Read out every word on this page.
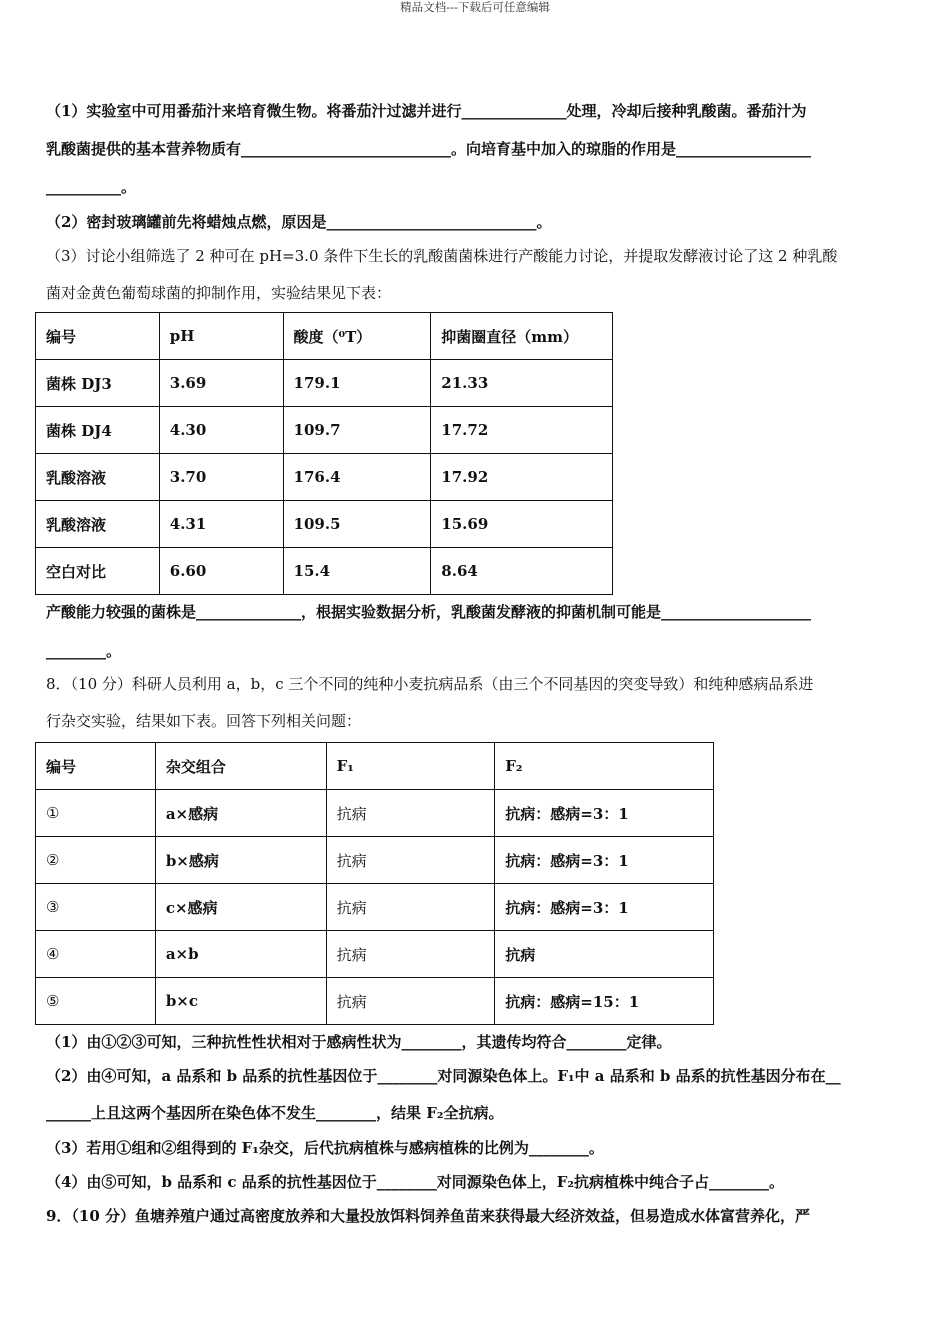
精品文档---下载后可任意编辑
（1）实验室中可用番茄汁来培育微生物。将番茄汁过滤并进行______________处理，冷却后接种乳酸菌。番茄汁为
乳酸菌提供的基本营养物质有____________________________。向培育基中加入的琼脂的作用是__________________
__________。
（2）密封玻璃罐前先将蜡烛点燃，原因是____________________________。
（3）讨论小组筛选了 2 种可在 pH=3.0 条件下生长的乳酸菌菌株进行产酸能力讨论，并提取发酵液讨论了这 2 种乳酸
菌对金黄色葡萄球菌的抑制作用，实验结果见下表：
编号	pH	酸度（⁰T）	抑菌圈直径（mm）
菌株 DJ3	3.69	179.1	21.33
菌株 DJ4	4.30	109.7	17.72
乳酸溶液	3.70	176.4	17.92
乳酸溶液	4.31	109.5	15.69
空白对比	6.60	15.4	8.64
产酸能力较强的菌株是______________，根据实验数据分析，乳酸菌发酵液的抑菌机制可能是____________________
________。
8．（10 分）科研人员利用 a，b，c 三个不同的纯种小麦抗病品系（由三个不同基因的突变导致）和纯种感病品系进
行杂交实验，结果如下表。回答下列相关问题：
编号	杂交组合	F₁	F₂
①	a×感病	抗病	抗病：感病=3：1
②	b×感病	抗病	抗病：感病=3：1
③	c×感病	抗病	抗病：感病=3：1
④	a×b	抗病	抗病
⑤	b×c	抗病	抗病：感病=15：1
（1）由①②③可知，三种抗性性状相对于感病性状为________，其遗传均符合________定律。
（2）由④可知，a 品系和 b 品系的抗性基因位于________对同源染色体上。F₁中 a 品系和 b 品系的抗性基因分布在__
______上且这两个基因所在染色体不发生________，结果 F₂全抗病。
（3）若用①组和②组得到的 F₁杂交，后代抗病植株与感病植株的比例为________。
（4）由⑤可知，b 品系和 c 品系的抗性基因位于________对同源染色体上，F₂抗病植株中纯合子占________。
9．（10 分）鱼塘养殖户通过高密度放养和大量投放饵料饲养鱼苗来获得最大经济效益，但易造成水体富营养化，严
